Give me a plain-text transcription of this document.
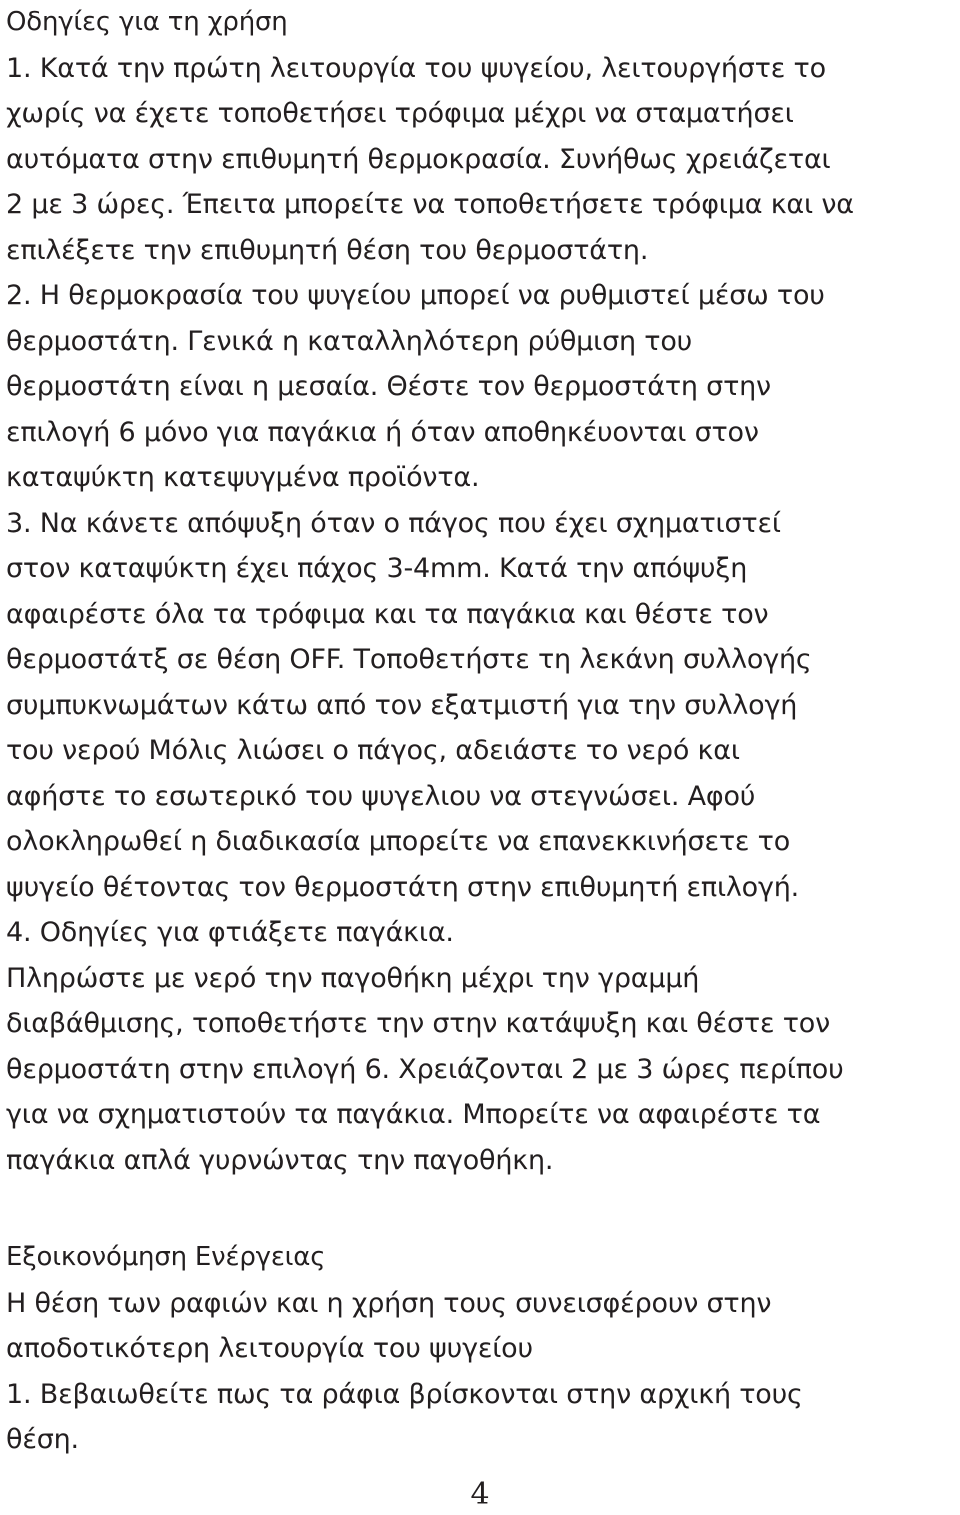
Οδηγίες για τη χρήση
1. Κατά την πρώτη λειτουργία του ψυγείου, λειτουργήστε το
χωρίς να έχετε τοποθετήσει τρόφιμα μέχρι να σταματήσει
αυτόματα στην επιθυμητή θερμοκρασία. Συνήθως χρειάζεται
2 με 3 ώρες. Έπειτα μπορείτε να τοποθετήσετε τρόφιμα και να
επιλέξετε την επιθυμητή θέση του θερμοστάτη.
2. Η θερμοκρασία του ψυγείου μπορεί να ρυθμιστεί μέσω του
θερμοστάτη. Γενικά η καταλληλότερη ρύθμιση του
θερμοστάτη είναι η μεσαία. Θέστε τον θερμοστάτη στην
επιλογή 6 μόνο για παγάκια ή όταν αποθηκέυονται στον
καταψύκτη κατεψυγμένα προϊόντα.
3. Να κάνετε απόψυξη όταν ο πάγος που έχει σχηματιστεί
στον καταψύκτη έχει πάχος 3-4mm. Κατά την απόψυξη
αφαιρέστε όλα τα τρόφιμα και τα παγάκια και θέστε τον
θερμοστάτξ σε θέση OFF. Τοποθετήστε τη λεκάνη συλλογής
συμπυκνωμάτων κάτω από τον εξατμιστή για την συλλογή
του νερού Μόλις λιώσει ο πάγος, αδειάστε το νερό και
αφήστε το εσωτερικό του ψυγελιου να στεγνώσει. Αφού
ολοκληρωθεί η διαδικασία μπορείτε να επανεκκινήσετε το
ψυγείο θέτοντας τον θερμοστάτη στην επιθυμητή επιλογή.
4. Οδηγίες για φτιάξετε παγάκια.
Πληρώστε με νερό την παγοθήκη μέχρι την γραμμή
διαβάθμισης, τοποθετήστε την στην κατάψυξη και θέστε τον
θερμοστάτη στην επιλογή 6. Χρειάζονται 2 με 3 ώρες περίπου
για να σχηματιστούν τα παγάκια. Μπορείτε να αφαιρέστε τα
παγάκια απλά γυρνώντας την παγοθήκη.
Εξοικονόμηση Ενέργειας
Η θέση των ραφιών και η χρήση τους συνεισφέρουν στην
αποδοτικότερη λειτουργία του ψυγείου
1. Βεβαιωθείτε πως τα ράφια βρίσκονται στην αρχική τους
θέση.
4
